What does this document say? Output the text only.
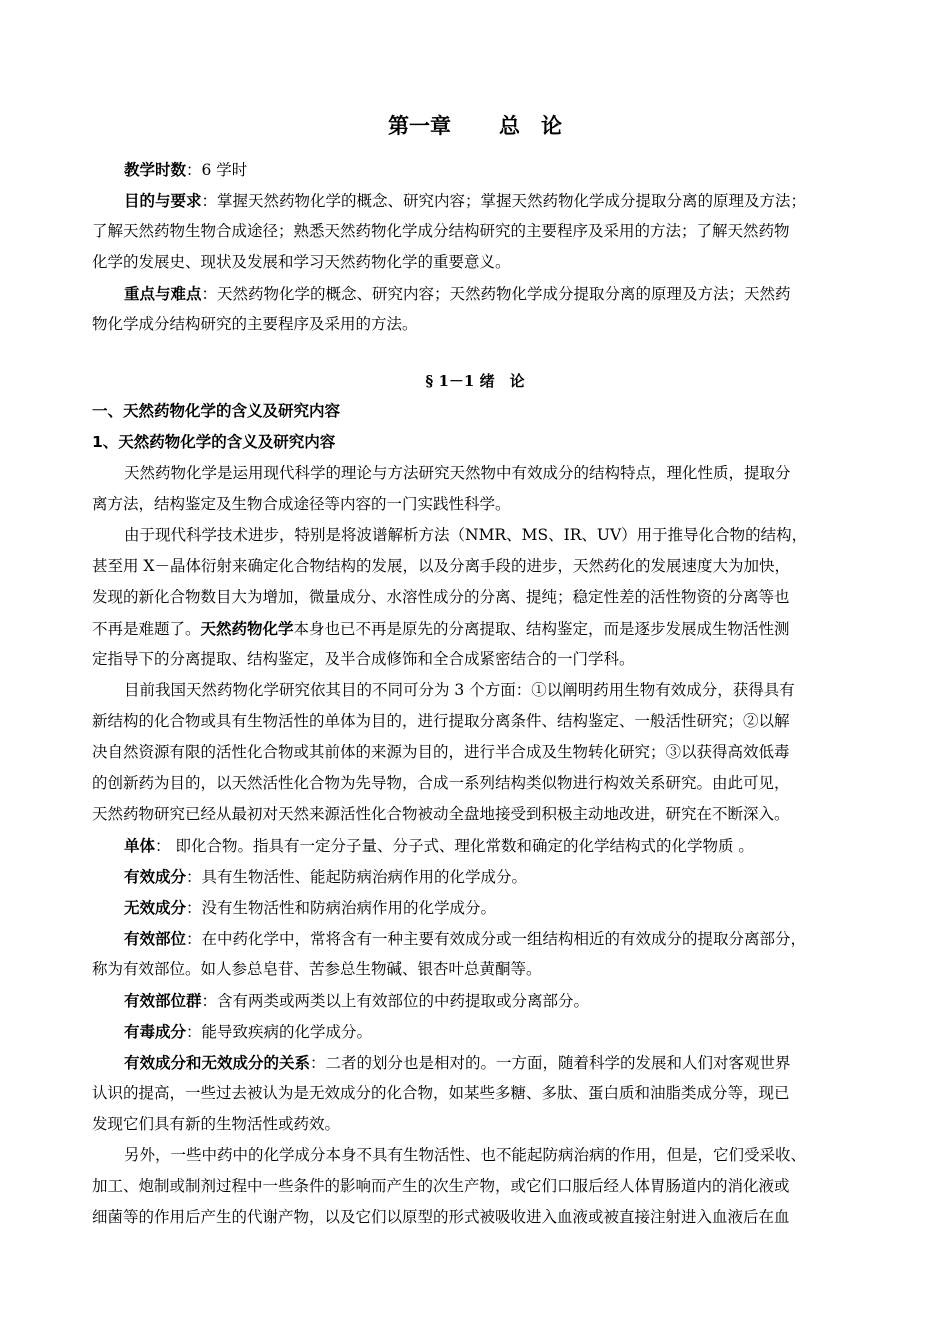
第一章 总　论
教学时数：6 学时
目的与要求：掌握天然药物化学的概念、研究内容；掌握天然药物化学成分提取分离的原理及方法；
了解天然药物生物合成途径；熟悉天然药物化学成分结构研究的主要程序及采用的方法；了解天然药物
化学的发展史、现状及发展和学习天然药物化学的重要意义。
重点与难点：天然药物化学的概念、研究内容；天然药物化学成分提取分离的原理及方法；天然药
物化学成分结构研究的主要程序及采用的方法。
§ 1－1 绪　论
一、天然药物化学的含义及研究内容
1、天然药物化学的含义及研究内容
天然药物化学是运用现代科学的理论与方法研究天然物中有效成分的结构特点，理化性质，提取分
离方法，结构鉴定及生物合成途径等内容的一门实践性科学。
由于现代科学技术进步，特别是将波谱解析方法（NMR、MS、IR、UV）用于推导化合物的结构，
甚至用 X－晶体衍射来确定化合物结构的发展，以及分离手段的进步，天然药化的发展速度大为加快，
发现的新化合物数目大为增加，微量成分、水溶性成分的分离、提纯；稳定性差的活性物资的分离等也
不再是难题了。天然药物化学本身也已不再是原先的分离提取、结构鉴定，而是逐步发展成生物活性测
定指导下的分离提取、结构鉴定，及半合成修饰和全合成紧密结合的一门学科。
目前我国天然药物化学研究依其目的不同可分为 3 个方面：①以阐明药用生物有效成分，获得具有
新结构的化合物或具有生物活性的单体为目的，进行提取分离条件、结构鉴定、一般活性研究；②以解
决自然资源有限的活性化合物或其前体的来源为目的，进行半合成及生物转化研究；③以获得高效低毒
的创新药为目的，以天然活性化合物为先导物，合成一系列结构类似物进行构效关系研究。由此可见，
天然药物研究已经从最初对天然来源活性化合物被动全盘地接受到积极主动地改进，研究在不断深入。
单体： 即化合物。指具有一定分子量、分子式、理化常数和确定的化学结构式的化学物质 。
有效成分：具有生物活性、能起防病治病作用的化学成分。
无效成分：没有生物活性和防病治病作用的化学成分。
有效部位：在中药化学中，常将含有一种主要有效成分或一组结构相近的有效成分的提取分离部分，
称为有效部位。如人参总皂苷、苦参总生物碱、银杏叶总黄酮等。
有效部位群：含有两类或两类以上有效部位的中药提取或分离部分。
有毒成分：能导致疾病的化学成分。
有效成分和无效成分的关系：二者的划分也是相对的。一方面，随着科学的发展和人们对客观世界
认识的提高，一些过去被认为是无效成分的化合物，如某些多糖、多肽、蛋白质和油脂类成分等，现已
发现它们具有新的生物活性或药效。
另外，一些中药中的化学成分本身不具有生物活性、也不能起防病治病的作用，但是，它们受采收、
加工、炮制或制剂过程中一些条件的影响而产生的次生产物，或它们口服后经人体胃肠道内的消化液或
细菌等的作用后产生的代谢产物，以及它们以原型的形式被吸收进入血液或被直接注射进入血液后在血
